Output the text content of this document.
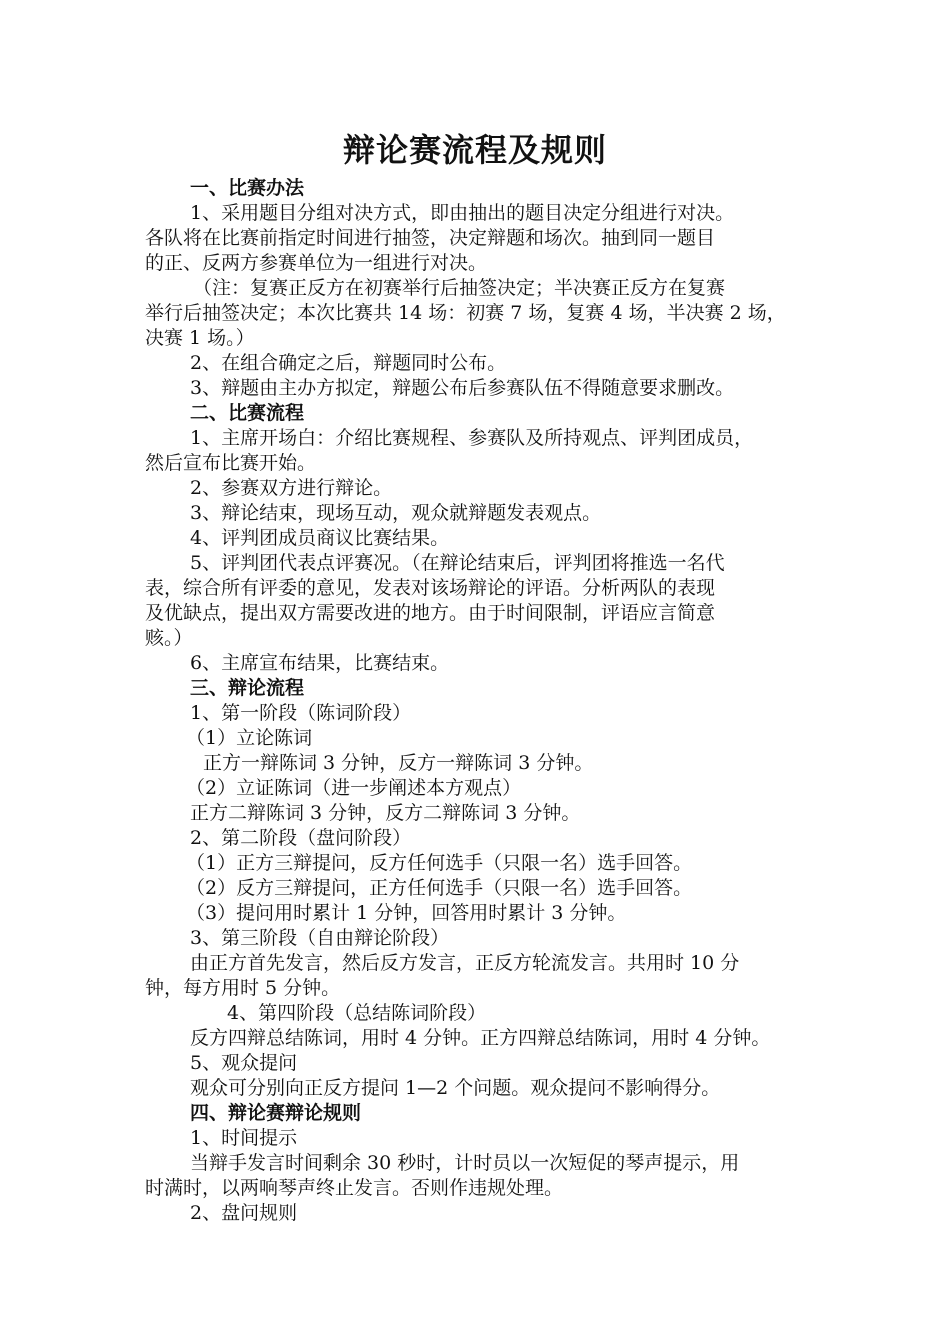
辩论赛流程及规则
一、比赛办法
1、采用题目分组对决方式，即由抽出的题目决定分组进行对决。
各队将在比赛前指定时间进行抽签，决定辩题和场次。抽到同一题目
的正、反两方参赛单位为一组进行对决。
（注：复赛正反方在初赛举行后抽签决定；半决赛正反方在复赛
举行后抽签决定；本次比赛共 14 场：初赛 7 场，复赛 4 场，半决赛 2 场，
决赛 1 场。）
2、在组合确定之后，辩题同时公布。
3、辩题由主办方拟定，辩题公布后参赛队伍不得随意要求删改。
二、比赛流程
1、主席开场白：介绍比赛规程、参赛队及所持观点、评判团成员，
然后宣布比赛开始。
2、参赛双方进行辩论。
3、辩论结束，现场互动，观众就辩题发表观点。
4、评判团成员商议比赛结果。
5、评判团代表点评赛况。（在辩论结束后，评判团将推选一名代
表，综合所有评委的意见，发表对该场辩论的评语。分析两队的表现
及优缺点，提出双方需要改进的地方。由于时间限制，评语应言简意
赅。）
6、主席宣布结果，比赛结束。
三、辩论流程
1、第一阶段（陈词阶段）
（1）立论陈词
正方一辩陈词 3 分钟，反方一辩陈词 3 分钟。
（2）立证陈词（进一步阐述本方观点）
正方二辩陈词 3 分钟，反方二辩陈词 3 分钟。
2、第二阶段（盘问阶段）
（1）正方三辩提问，反方任何选手（只限一名）选手回答。
（2）反方三辩提问，正方任何选手（只限一名）选手回答。
（3）提问用时累计 1 分钟，回答用时累计 3 分钟。
3、第三阶段（自由辩论阶段）
由正方首先发言，然后反方发言，正反方轮流发言。共用时 10 分
钟，每方用时 5 分钟。
4、第四阶段（总结陈词阶段）
反方四辩总结陈词，用时 4 分钟。正方四辩总结陈词，用时 4 分钟。
5、观众提问
观众可分别向正反方提问 1—2 个问题。观众提问不影响得分。
四、辩论赛辩论规则
1、时间提示
当辩手发言时间剩余 30 秒时，计时员以一次短促的琴声提示，用
时满时，以两响琴声终止发言。否则作违规处理。
2、盘问规则
